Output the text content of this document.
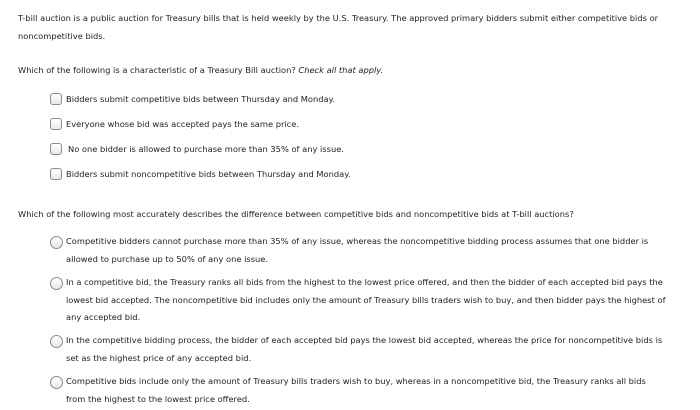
T-bill auction is a public auction for Treasury bills that is held weekly by the U.S. Treasury. The approved primary bidders submit either competitive bids or noncompetitive bids.
Which of the following is a characteristic of a Treasury Bill auction? Check all that apply.
Bidders submit competitive bids between Thursday and Monday.
Everyone whose bid was accepted pays the same price.
No one bidder is allowed to purchase more than 35% of any issue.
Bidders submit noncompetitive bids between Thursday and Monday.
Which of the following most accurately describes the difference between competitive bids and noncompetitive bids at T-bill auctions?
Competitive bidders cannot purchase more than 35% of any issue, whereas the noncompetitive bidding process assumes that one bidder is allowed to purchase up to 50% of any one issue.
In a competitive bid, the Treasury ranks all bids from the highest to the lowest price offered, and then the bidder of each accepted bid pays the lowest bid accepted. The noncompetitive bid includes only the amount of Treasury bills traders wish to buy, and then bidder pays the highest of any accepted bid.
In the competitive bidding process, the bidder of each accepted bid pays the lowest bid accepted, whereas the price for noncompetitive bids is set as the highest price of any accepted bid.
Competitive bids include only the amount of Treasury bills traders wish to buy, whereas in a noncompetitive bid, the Treasury ranks all bids from the highest to the lowest price offered.
